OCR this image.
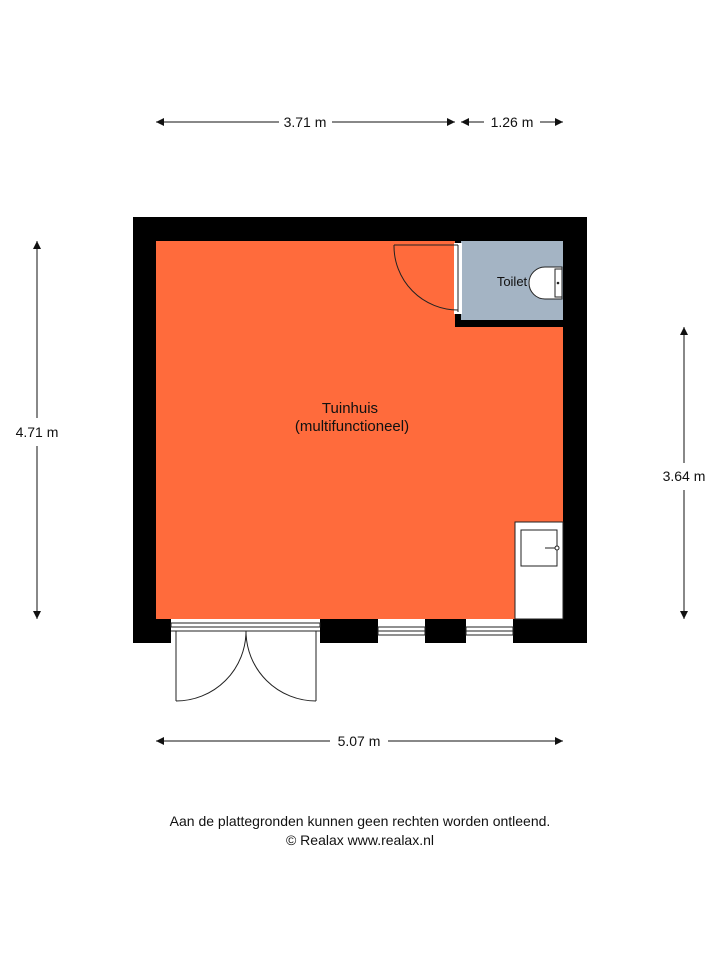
Toilet
3.71 m	1.26 m
4.71 m
3.64 m
5.07 m
Tuinhuis
(multifunctioneel)
Aan de plattegronden kunnen geen rechten worden ontleend.
© Realax www.realax.nl
